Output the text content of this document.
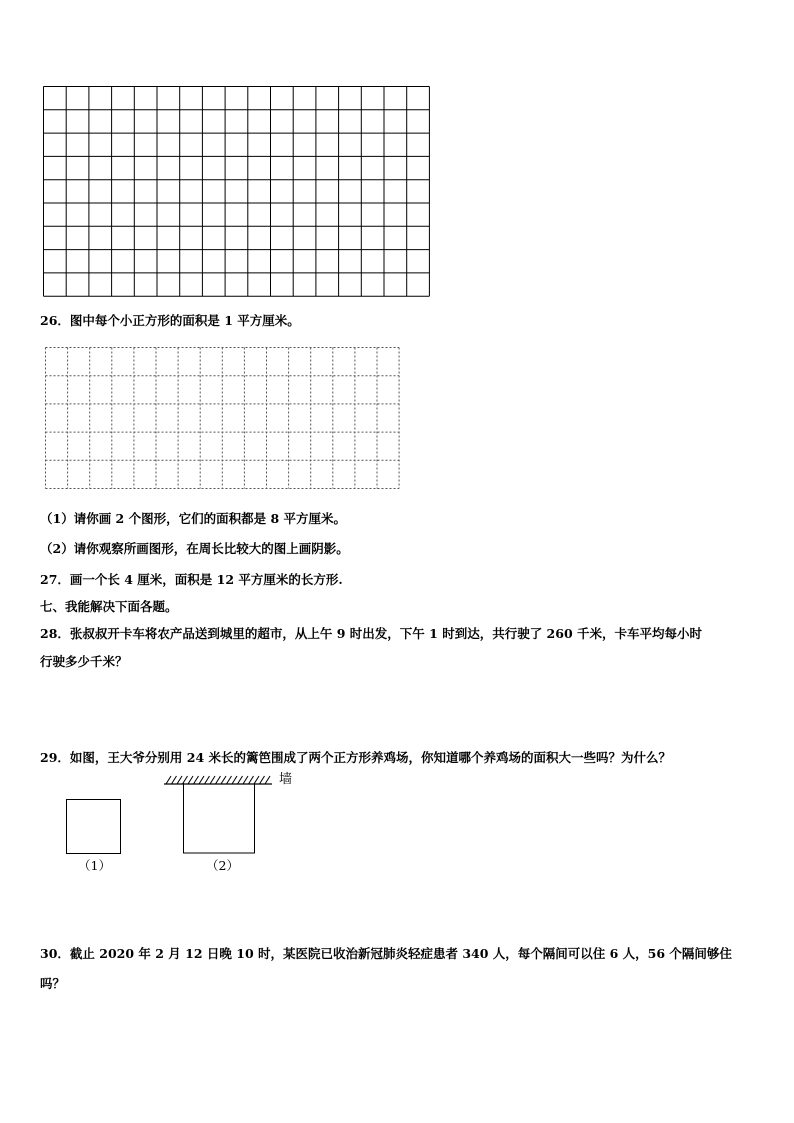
26．图中每个小正方形的面积是 1 平方厘米。
（1）请你画 2 个图形，它们的面积都是 8 平方厘米。
（2）请你观察所画图形，在周长比较大的图上画阴影。
27．画一个长 4 厘米，面积是 12 平方厘米的长方形.
七、我能解决下面各题。
28．张叔叔开卡车将农产品送到城里的超市，从上午 9 时出发，下午 1 时到达，共行驶了 260 千米，卡车平均每小时
行驶多少千米？
29．如图，王大爷分别用 24 米长的篱笆围成了两个正方形养鸡场，你知道哪个养鸡场的面积大一些吗？为什么？
（1）
墙
（2）
30．截止 2020 年 2 月 12 日晚 10 时，某医院已收治新冠肺炎轻症患者 340 人，每个隔间可以住 6 人，56 个隔间够住
吗？
